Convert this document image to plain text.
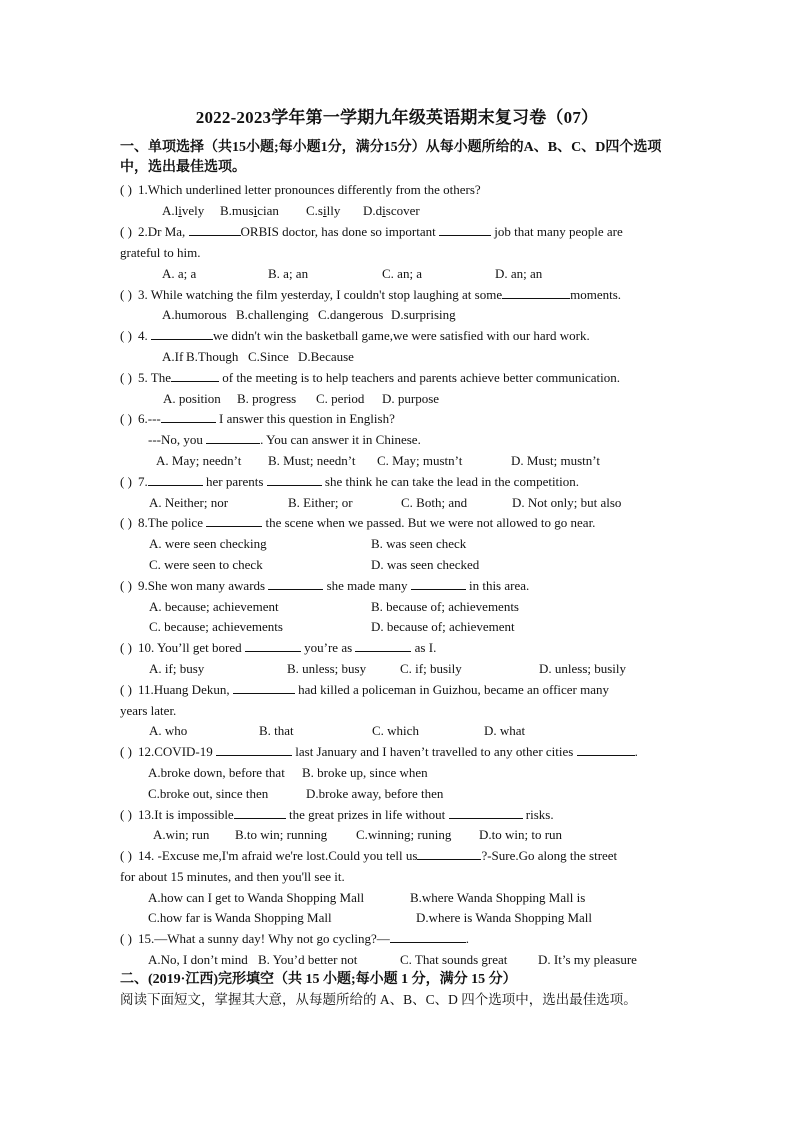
2022-2023学年第一学期九年级英语期末复习卷（07）
一、单项选择（共15小题;每小题1分，满分15分）从每小题所给的A、B、C、D四个选项
中，选出最佳选项。
( ) 1.Which underlined letter pronounces differently from the others?
A.lively B.musician C.silly D.discover
( ) 2.Dr Ma,	ORBIS doctor, has done so important	job that many people are
grateful to him.
A. a; a	B. a; an	C. an; a	D. an; an
( ) 3. While watching the film yesterday, I couldn't stop laughing at some	moments.
A.humorous B.challenging C.dangerous D.surprising
( ) 4.	we didn't win the basketball game,we were satisfied with our hard work.
A.If B.Though C.Since D.Because
( ) 5. The	of the meeting is to help teachers and parents achieve better communication.
A. position B. progress C. period D. purpose
( ) 6.---	I answer this question in English?
---No, you	. You can answer it in Chinese.
A. May; needn’t B. Must; needn’t C. May; mustn’t	D. Must; mustn’t
( ) 7.	her parents	she think he can take the lead in the competition.
A. Neither; nor	B. Either; or	C. Both; and	D. Not only; but also
( ) 8.The police	the scene when we passed. But we were not allowed to go near.
A. were seen checking	B. was seen check
C. were seen to check	D. was seen checked
( ) 9.She won many awards	she made many	in this area.
A. because; achievement	B. because of; achievements
C. because; achievements	D. because of; achievement
( ) 10. You’ll get bored	you’re as	as I.
A. if; busy	B. unless; busy	C. if; busily	D. unless; busily
( ) 11.Huang Dekun,	had killed a policeman in Guizhou, became an officer many
years later.
A. who	B. that	C. which	D. what
( ) 12.COVID-19	last January and I haven’t travelled to any other cities	.
A.broke down, before that B. broke up, since when
C.broke out, since then	D.broke away, before then
( ) 13.It is impossible	the great prizes in life without	risks.
A.win; run B.to win; running C.winning; runing D.to win; to run
( ) 14. -Excuse me,I'm afraid we're lost.Could you tell us	?-Sure.Go along the street
for about 15 minutes, and then you'll see it.
A.how can I get to Wanda Shopping Mall	B.where Wanda Shopping Mall is
C.how far is Wanda Shopping Mall	D.where is Wanda Shopping Mall
( ) 15.—What a sunny day! Why not go cycling?—	.
A.No, I don’t mind B. You’d better not	C. That sounds great D. It’s my pleasure
二、(2019·江西)完形填空（共 15 小题;每小题 1 分，满分 15 分）
阅读下面短文，掌握其大意，从每题所给的 A、B、C、D 四个选项中，选出最佳选项。
